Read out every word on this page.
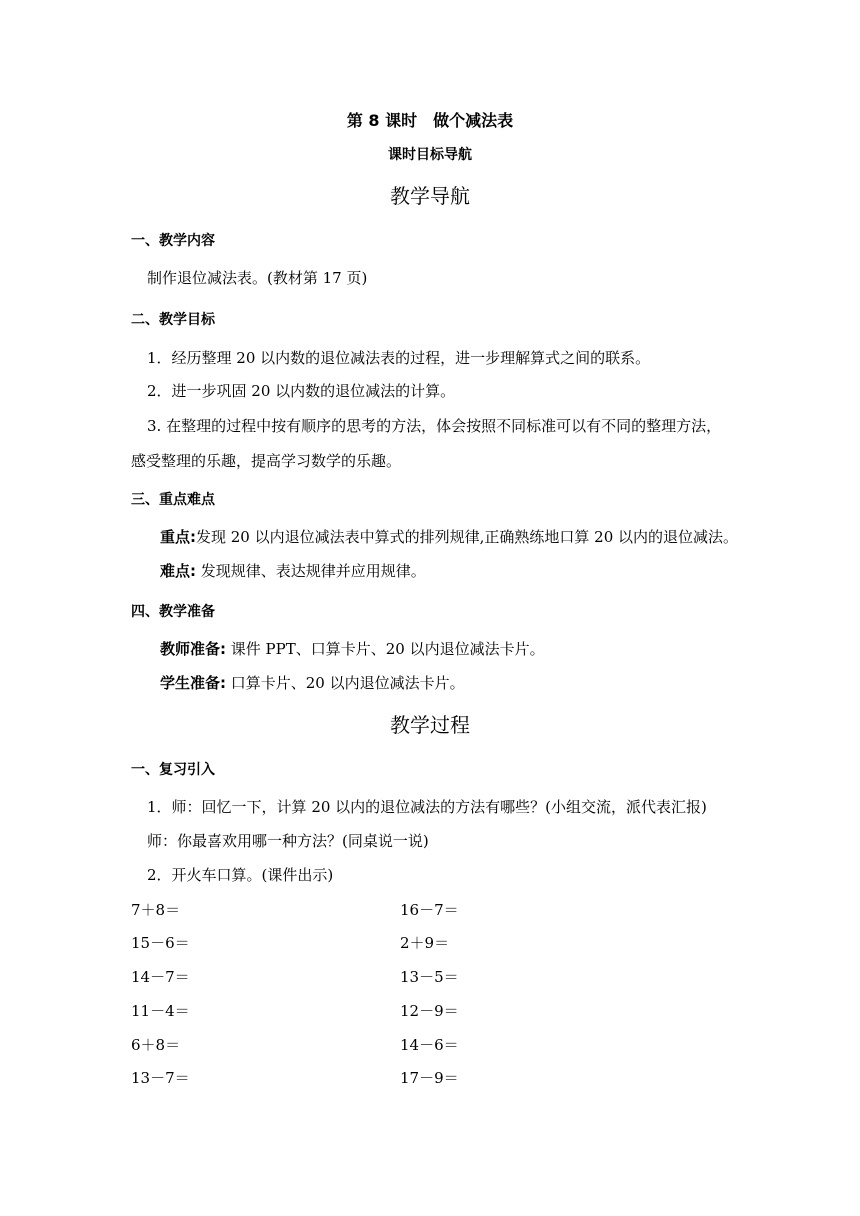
第 8 课时　做个减法表
课时目标导航
教学导航
一、教学内容
制作退位减法表。(教材第 17 页)
二、教学目标
1．经历整理 20 以内数的退位减法表的过程，进一步理解算式之间的联系。
2．进一步巩固 20 以内数的退位减法的计算。
3. 在整理的过程中按有顺序的思考的方法，体会按照不同标准可以有不同的整理方法，
感受整理的乐趣，提高学习数学的乐趣。
三、重点难点
重点:发现 20 以内退位减法表中算式的排列规律,正确熟练地口算 20 以内的退位减法。
难点: 发现规律、表达规律并应用规律。
四、教学准备
教师准备: 课件 PPT、口算卡片、20 以内退位减法卡片。
学生准备: 口算卡片、20 以内退位减法卡片。
教学过程
一、复习引入
1．师：回忆一下，计算 20 以内的退位减法的方法有哪些？(小组交流，派代表汇报)
师：你最喜欢用哪一种方法？(同桌说一说)
2．开火车口算。(课件出示)
7＋8＝	16－7＝
15－6＝	2＋9＝
14－7＝	13－5＝
11－4＝	12－9＝
6＋8＝	14－6＝
13－7＝	17－9＝
